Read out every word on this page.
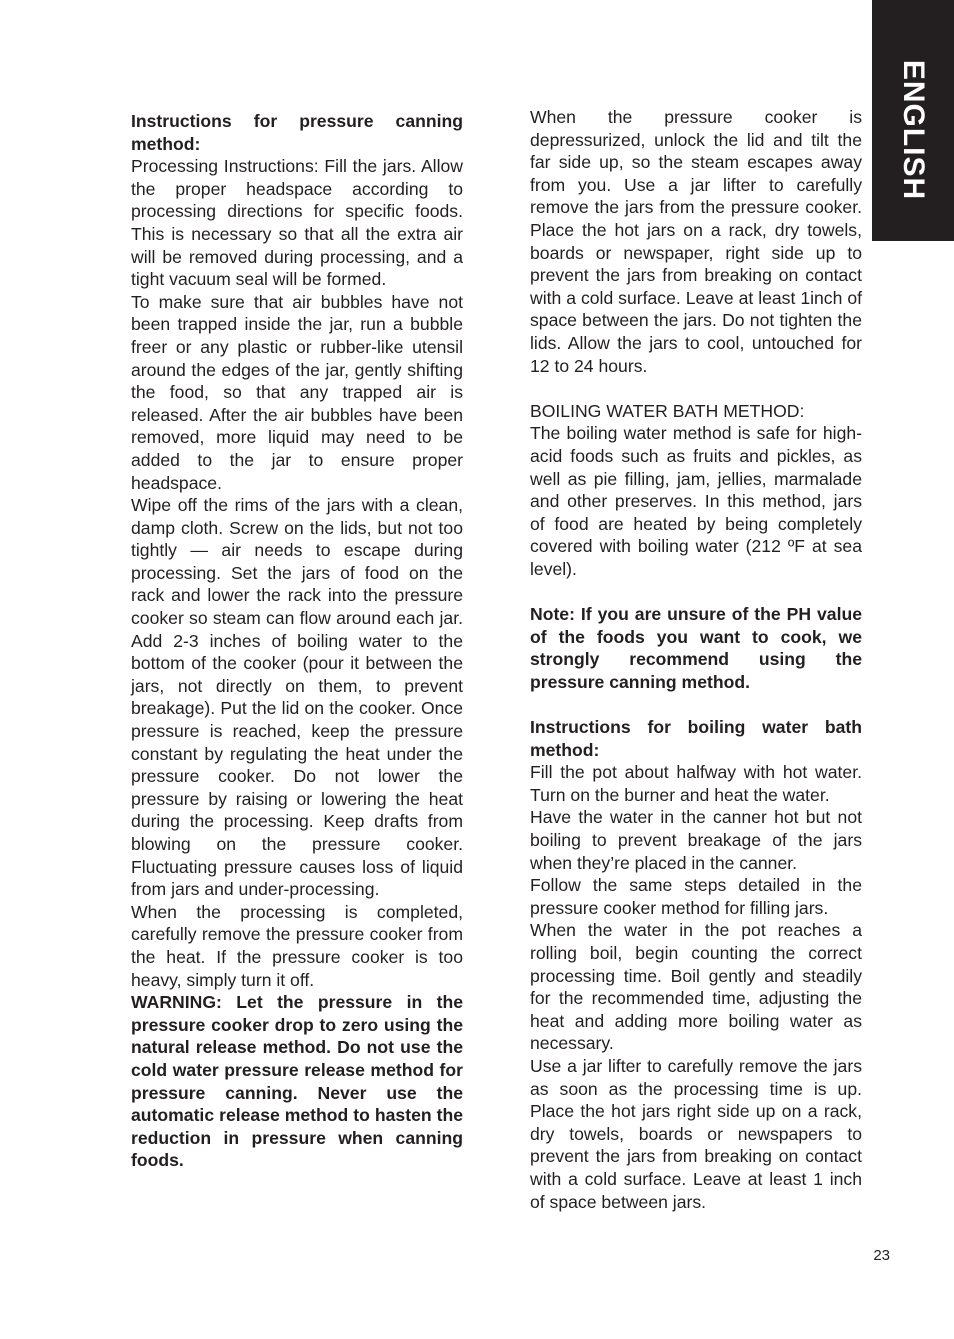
ENGLISH

Instructions for pressure canning method:

Processing Instructions: Fill the jars. Allow the proper headspace according to processing directions for specific foods. This is necessary so that all the extra air will be removed during processing, and a tight vacuum seal will be formed.

To make sure that air bubbles have not been trapped inside the jar, run a bubble freer or any plastic or rubber-like utensil around the edges of the jar, gently shifting the food, so that any trapped air is released. After the air bubbles have been removed, more liquid may need to be added to the jar to ensure proper headspace.

Wipe off the rims of the jars with a clean, damp cloth. Screw on the lids, but not too tightly — air needs to escape during processing. Set the jars of food on the rack and lower the rack into the pressure cooker so steam can flow around each jar. Add 2-3 inches of boiling water to the bottom of the cooker (pour it between the jars, not directly on them, to prevent breakage). Put the lid on the cooker. Once pressure is reached, keep the pressure constant by regulating the heat under the pressure cooker. Do not lower the pressure by raising or lowering the heat during the processing. Keep drafts from blowing on the pressure cooker. Fluctuating pressure causes loss of liquid from jars and under-processing.

When the processing is completed, carefully remove the pressure cooker from the heat. If the pressure cooker is too heavy, simply turn it off.

WARNING: Let the pressure in the pressure cooker drop to zero using the natural release method. Do not use the cold water pressure release method for pressure canning. Never use the automatic release method to hasten the reduction in pressure when canning foods.

When the pressure cooker is depressurized, unlock the lid and tilt the far side up, so the steam escapes away from you. Use a jar lifter to carefully remove the jars from the pressure cooker. Place the hot jars on a rack, dry towels, boards or newspaper, right side up to prevent the jars from breaking on contact with a cold surface. Leave at least 1inch of space between the jars. Do not tighten the lids. Allow the jars to cool, untouched for 12 to 24 hours.

BOILING WATER BATH METHOD:

The boiling water method is safe for high-acid foods such as fruits and pickles, as well as pie filling, jam, jellies, marmalade and other preserves. In this method, jars of food are heated by being completely covered with boiling water (212 ºF at sea level).

Note: If you are unsure of the PH value of the foods you want to cook, we strongly recommend using the pressure canning method.

Instructions for boiling water bath method:

Fill the pot about halfway with hot water. Turn on the burner and heat the water.

Have the water in the canner hot but not boiling to prevent breakage of the jars when they’re placed in the canner.

Follow the same steps detailed in the pressure cooker method for filling jars.

When the water in the pot reaches a rolling boil, begin counting the correct processing time. Boil gently and steadily for the recommended time, adjusting the heat and adding more boiling water as necessary.

Use a jar lifter to carefully remove the jars as soon as the processing time is up. Place the hot jars right side up on a rack, dry towels, boards or newspapers to prevent the jars from breaking on contact with a cold surface. Leave at least 1 inch of space between jars.

23
